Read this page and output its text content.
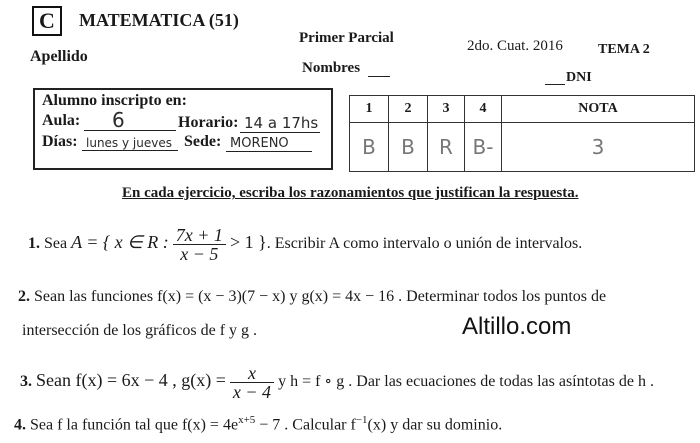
C	MATEMATICA (51)
Primer Parcial	2do. Cuat. 2016	TEMA 2
Apellido
Nombres
DNI
Alumno inscripto en:
Aula: 6	Horario: 14 a 17hs
Días: lunes y jueves Sede: MORENO
1	2	3	4	NOTA
B	B	R	B-	3
En cada ejercicio, escriba los razonamientos que justifican la respuesta.
1. Sea A = { x ∈ R : $\frac{7x + 1}{x - 5} > 1$ }. Escribir A como intervalo o unión de intervalos.
2. Sean las funciones f(x) = (x − 3)(7 − x) y g(x) = 4x − 16 . Determinar todos los puntos de
intersección de los gráficos de f y g .	Altillo.com
3. Sean f(x) = 6x − 4 , $g(x) = \frac{x}{x - 4}$ y h = f ∘ g . Dar las ecuaciones de todas las asíntotas de h .
4. Sea f la función tal que $f(x) = 4e^{x+5} - 7$ . Calcular $f^{-1}(x)$ y dar su dominio.
